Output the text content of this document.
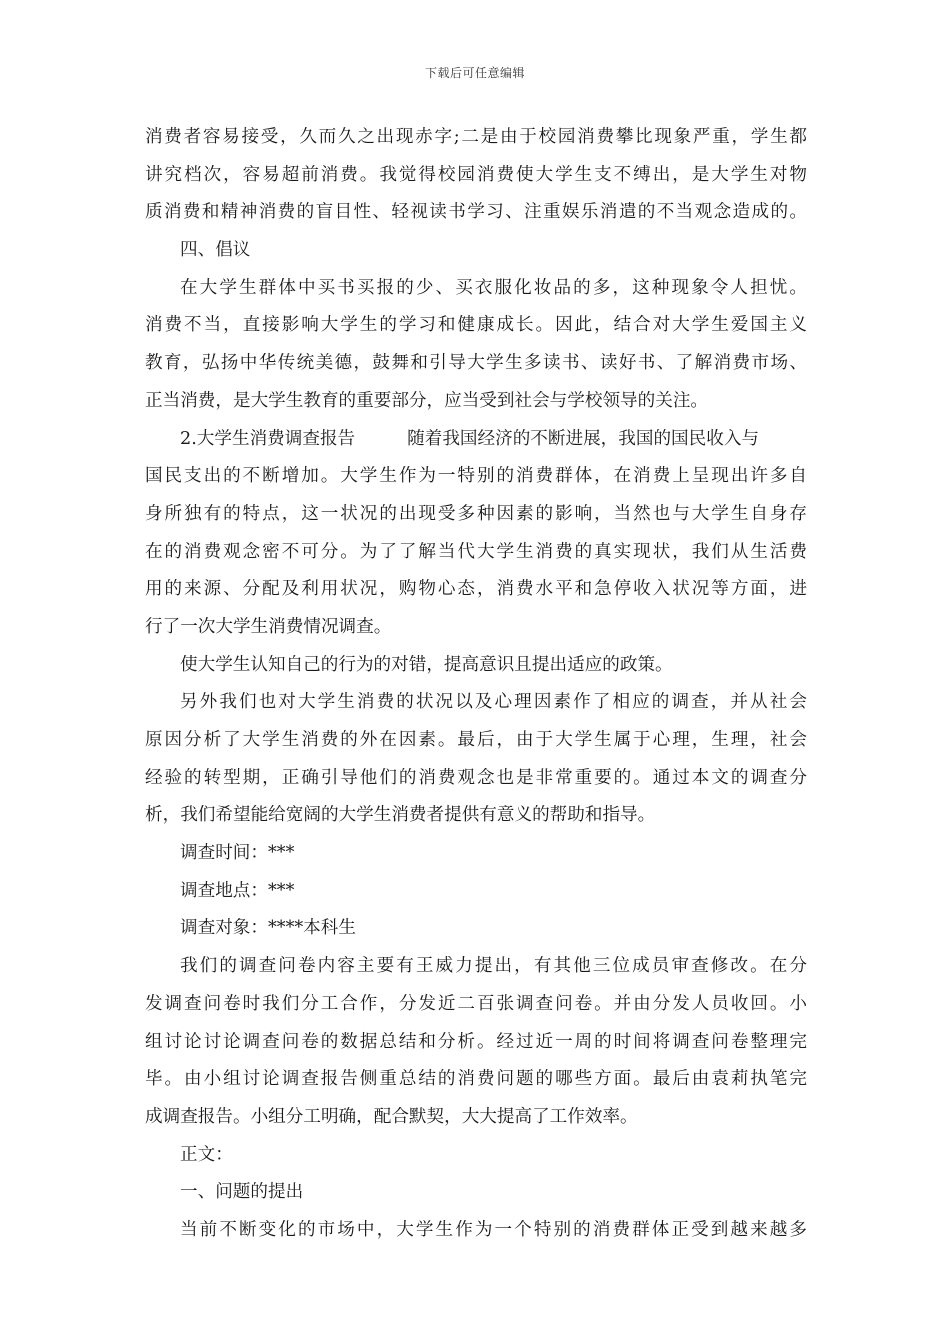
下载后可任意编辑
消费者容易接受，久而久之出现赤字;二是由于校园消费攀比现象严重，学生都
讲究档次，容易超前消费。我觉得校园消费使大学生支不缚出，是大学生对物
质消费和精神消费的盲目性、轻视读书学习、注重娱乐消遣的不当观念造成的。
四、倡议
在大学生群体中买书买报的少、买衣服化妆品的多，这种现象令人担忧。
消费不当，直接影响大学生的学习和健康成长。因此，结合对大学生爱国主义
教育，弘扬中华传统美德，鼓舞和引导大学生多读书、读好书、了解消费市场、
正当消费，是大学生教育的重要部分，应当受到社会与学校领导的关注。
2.大学生消费调查报告	随着我国经济的不断进展，我国的国民收入与
国民支出的不断增加。大学生作为一特别的消费群体，在消费上呈现出许多自
身所独有的特点，这一状况的出现受多种因素的影响，当然也与大学生自身存
在的消费观念密不可分。为了了解当代大学生消费的真实现状，我们从生活费
用的来源、分配及利用状况，购物心态，消费水平和急停收入状况等方面，进
行了一次大学生消费情况调查。
使大学生认知自己的行为的对错，提高意识且提出适应的政策。
另外我们也对大学生消费的状况以及心理因素作了相应的调查，并从社会
原因分析了大学生消费的外在因素。最后，由于大学生属于心理，生理，社会
经验的转型期，正确引导他们的消费观念也是非常重要的。通过本文的调查分
析，我们希望能给宽阔的大学生消费者提供有意义的帮助和指导。
调查时间：***
调查地点：***
调查对象：****本科生
我们的调查问卷内容主要有王威力提出，有其他三位成员审查修改。在分
发调查问卷时我们分工合作，分发近二百张调查问卷。并由分发人员收回。小
组讨论讨论调查问卷的数据总结和分析。经过近一周的时间将调查问卷整理完
毕。由小组讨论调查报告侧重总结的消费问题的哪些方面。最后由袁莉执笔完
成调查报告。小组分工明确，配合默契，大大提高了工作效率。
正文：
一、问题的提出
当前不断变化的市场中，大学生作为一个特别的消费群体正受到越来越多
